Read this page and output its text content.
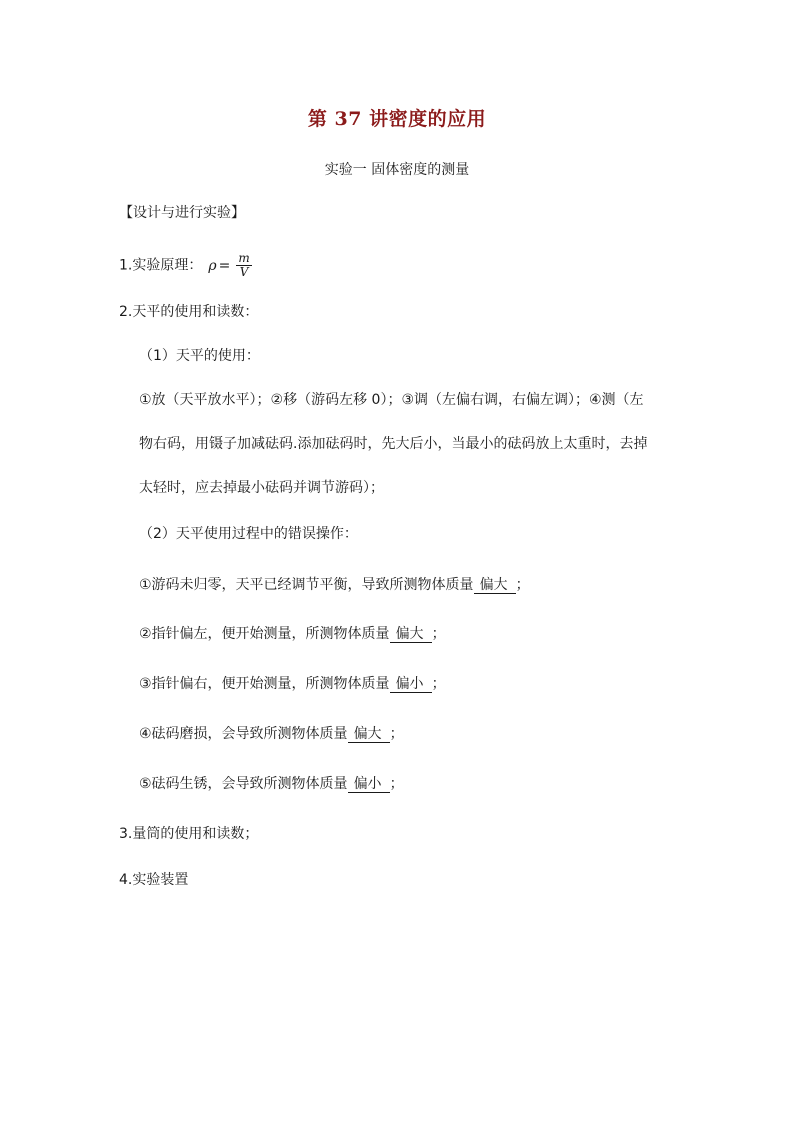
第 37 讲密度的应用
实验一 固体密度的测量
【设计与进行实验】
1.实验原理： $\rho = \frac{m}{V}$
2.天平的使用和读数：
（1）天平的使用：
①放（天平放水平）；②移（游码左移 0）；③调（左偏右调，右偏左调）；④测（左
物右码，用镊子加减砝码.添加砝码时，先大后小，当最小的砝码放上太重时，去掉
太轻时，应去掉最小砝码并调节游码）；
（2）天平使用过程中的错误操作：
①游码未归零，天平已经调节平衡，导致所测物体质量 偏大 ；
②指针偏左，便开始测量，所测物体质量 偏大 ；
③指针偏右，便开始测量，所测物体质量 偏小 ；
④砝码磨损，会导致所测物体质量 偏大 ；
⑤砝码生锈，会导致所测物体质量 偏小 ；
3.量筒的使用和读数；
4.实验装置
